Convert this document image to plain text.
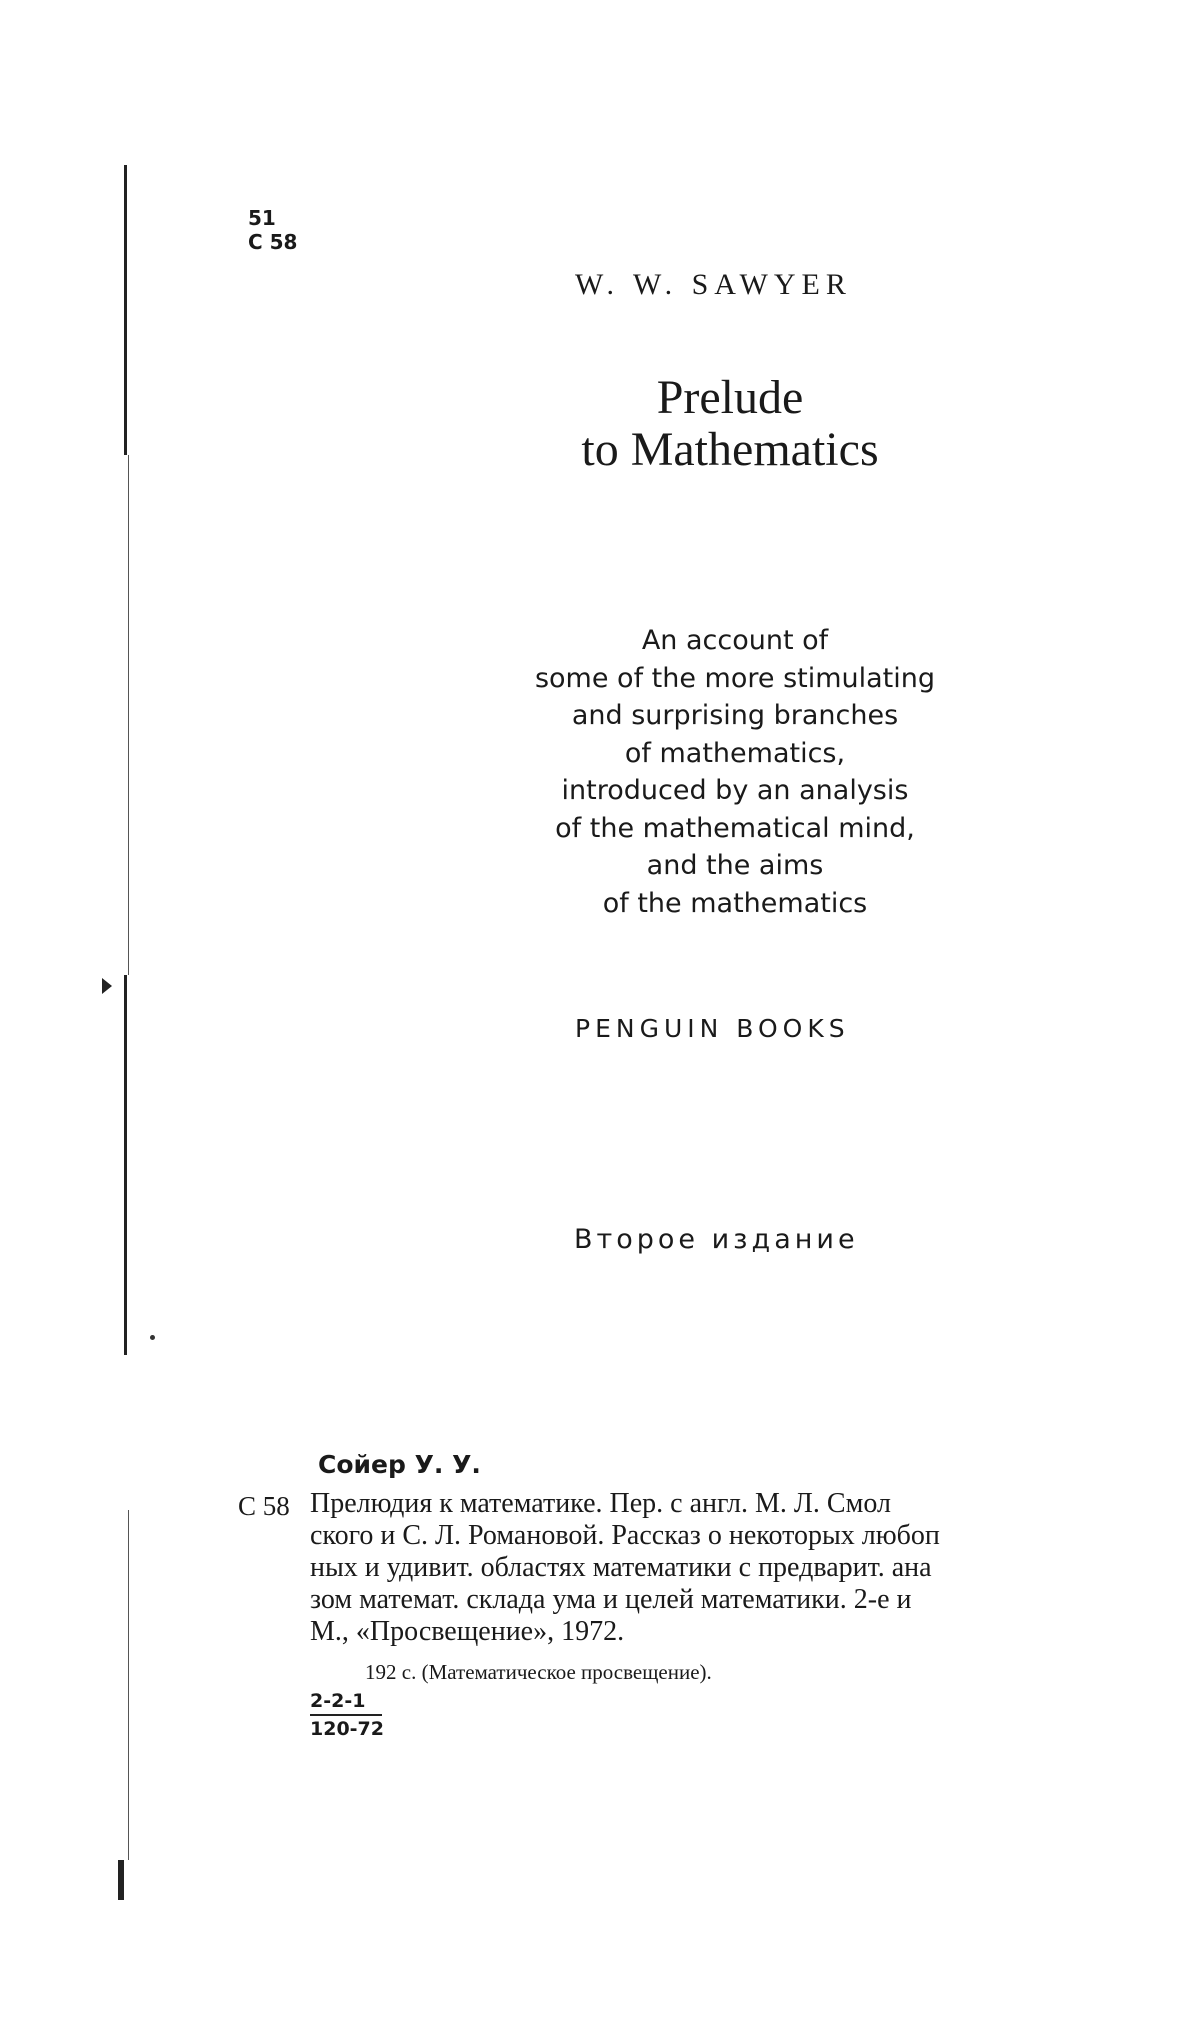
51
С 58
W. W. SAWYER
Prelude
to Mathematics
An account of
some of the more stimulating
and surprising branches
of mathematics,
introduced by an analysis
of the mathematical mind,
and the aims
of the mathematics
PENGUIN BOOKS
Второе издание
Сойер У. У.
С 58 Прелюдия к математике. Пер. с англ. М. Л. Смол
ского и С. Л. Романовой. Рассказ о некоторых любоп
ных и удивит. областях математики с предварит. ана
зом математ. склада ума и целей математики. 2-е и
М., «Просвещение», 1972.
192 с. (Математическое просвещение).
$\frac{2-2-1}{120-72}$
